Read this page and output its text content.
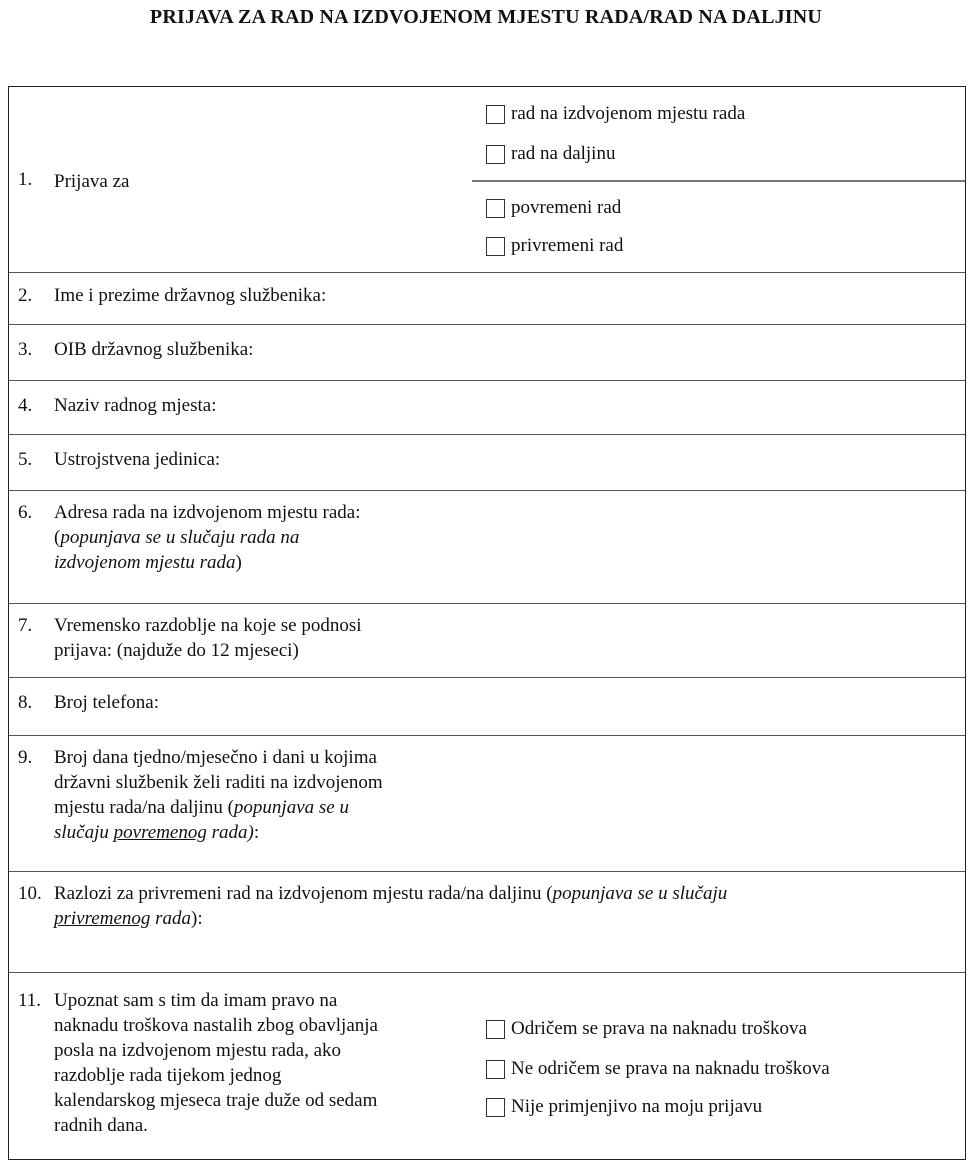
PRIJAVA ZA RAD NA IZDVOJENOM MJESTU RADA/RAD NA DALJINU
1. Prijava za
rad na izdvojenom mjestu rada
rad na daljinu
povremeni rad
privremeni rad
2. Ime i prezime državnog službenika:
3. OIB državnog službenika:
4. Naziv radnog mjesta:
5. Ustrojstvena jedinica:
6. Adresa rada na izdvojenom mjestu rada:
(popunjava se u slučaju rada na
izdvojenom mjestu rada)
7. Vremensko razdoblje na koje se podnosi
prijava: (najduže do 12 mjeseci)
8. Broj telefona:
9. Broj dana tjedno/mjesečno i dani u kojima
državni službenik želi raditi na izdvojenom
mjestu rada/na daljinu (popunjava se u
slučaju povremenog rada):
10. Razlozi za privremeni rad na izdvojenom mjestu rada/na daljinu (popunjava se u slučaju
privremenog rada):
11. Upoznat sam s tim da imam pravo na
naknadu troškova nastalih zbog obavljanja
posla na izdvojenom mjestu rada, ako
razdoblje rada tijekom jednog
kalendarskog mjeseca traje duže od sedam
radnih dana.
Odričem se prava na naknadu troškova
Ne odričem se prava na naknadu troškova
Nije primjenjivo na moju prijavu
